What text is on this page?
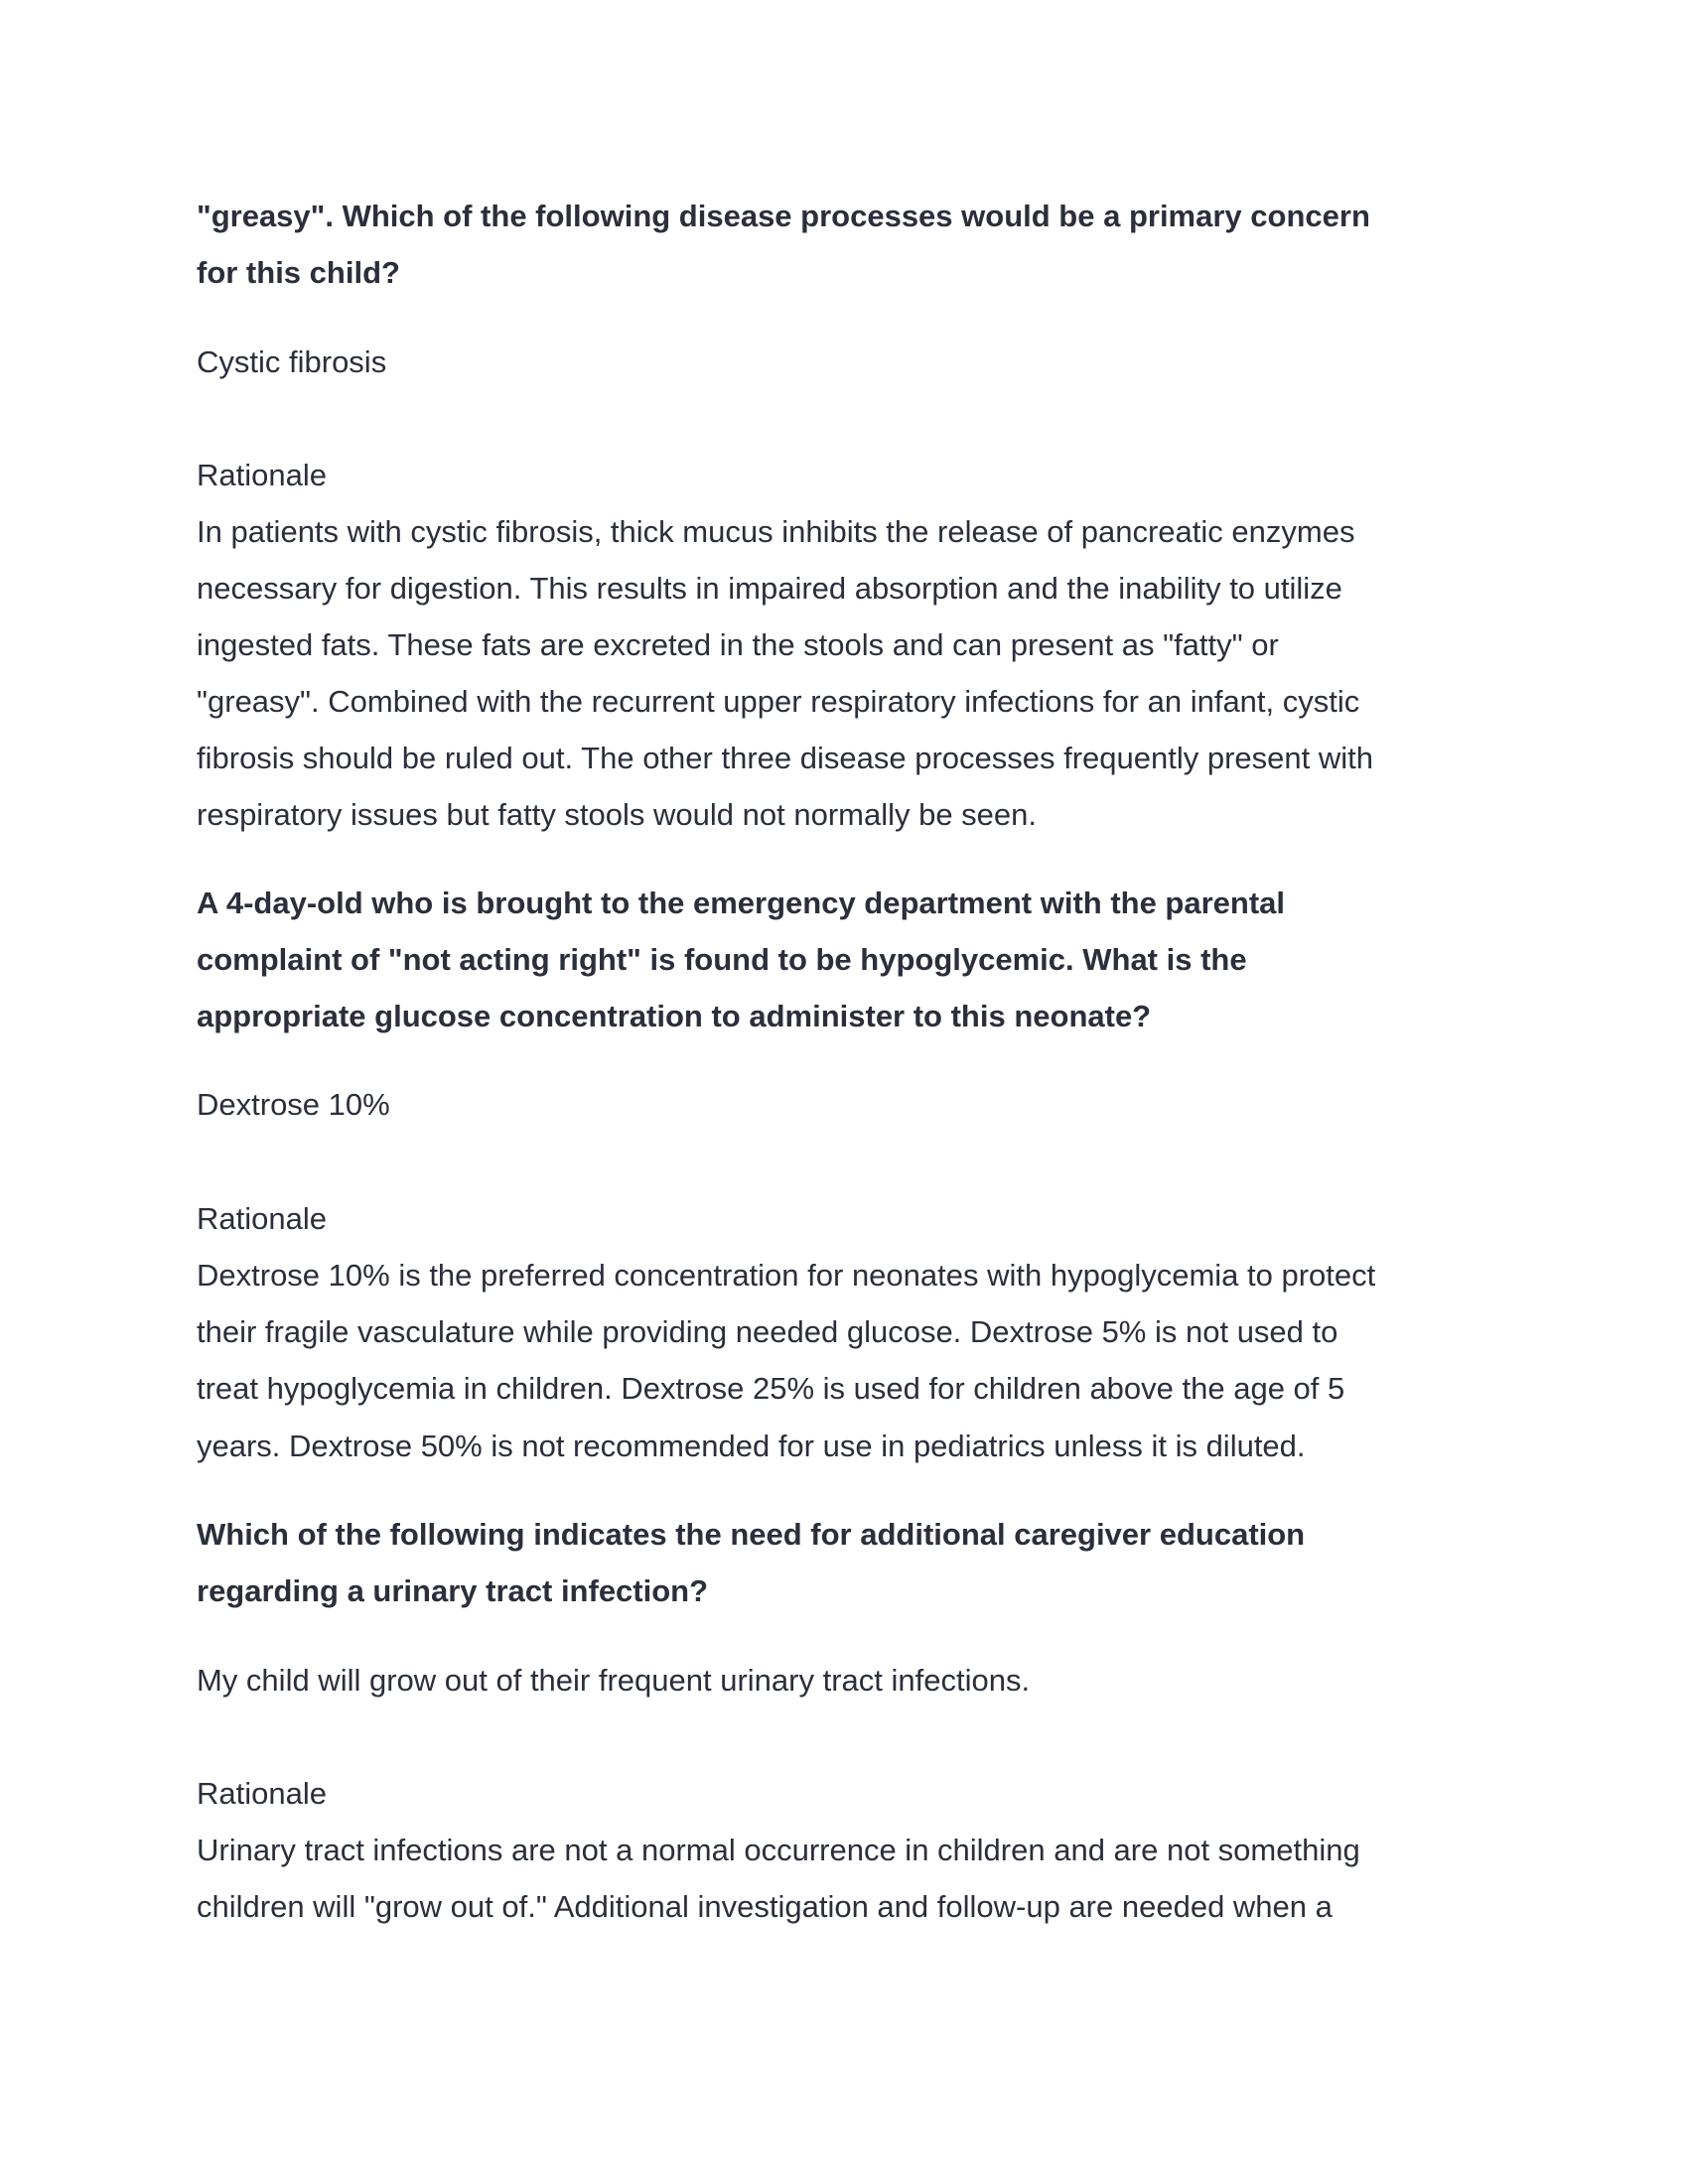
"greasy". Which of the following disease processes would be a primary concern
for this child?
Cystic fibrosis
Rationale
In patients with cystic fibrosis, thick mucus inhibits the release of pancreatic enzymes
necessary for digestion. This results in impaired absorption and the inability to utilize
ingested fats. These fats are excreted in the stools and can present as "fatty" or
"greasy". Combined with the recurrent upper respiratory infections for an infant, cystic
fibrosis should be ruled out. The other three disease processes frequently present with
respiratory issues but fatty stools would not normally be seen.
A 4-day-old who is brought to the emergency department with the parental
complaint of "not acting right" is found to be hypoglycemic. What is the
appropriate glucose concentration to administer to this neonate?
Dextrose 10%
Rationale
Dextrose 10% is the preferred concentration for neonates with hypoglycemia to protect
their fragile vasculature while providing needed glucose. Dextrose 5% is not used to
treat hypoglycemia in children. Dextrose 25% is used for children above the age of 5
years. Dextrose 50% is not recommended for use in pediatrics unless it is diluted.
Which of the following indicates the need for additional caregiver education
regarding a urinary tract infection?
My child will grow out of their frequent urinary tract infections.
Rationale
Urinary tract infections are not a normal occurrence in children and are not something
children will "grow out of." Additional investigation and follow-up are needed when a
